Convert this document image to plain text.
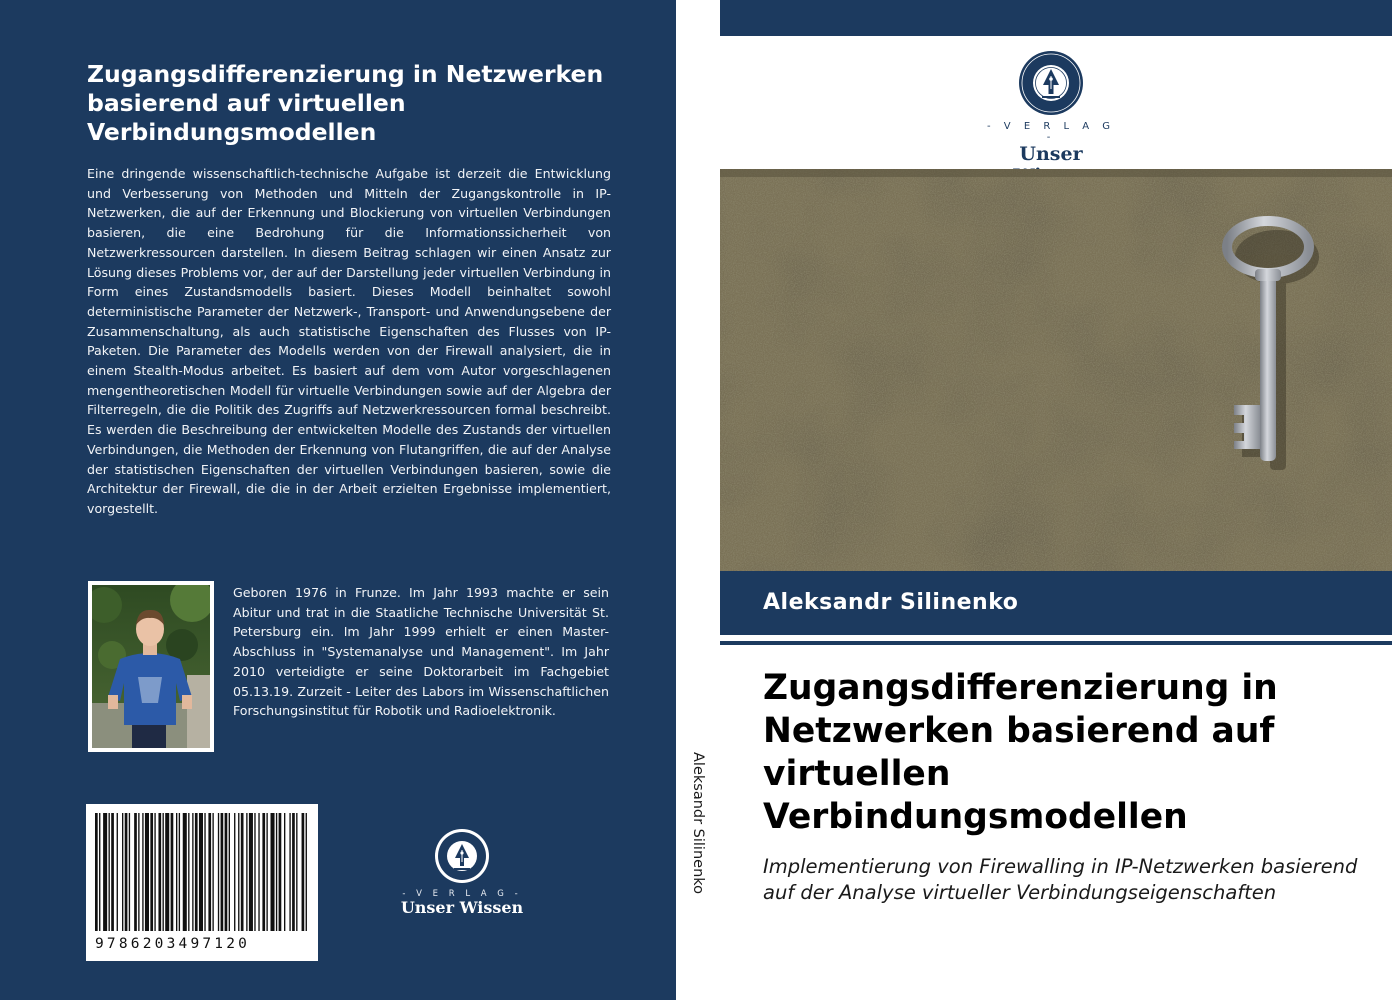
Zugangsdifferenzierung in Netzwerken basierend auf virtuellen Verbindungsmodellen
Eine dringende wissenschaftlich-technische Aufgabe ist derzeit die Entwicklung und Verbesserung von Methoden und Mitteln der Zugangskontrolle in IP-Netzwerken, die auf der Erkennung und Blockierung von virtuellen Verbindungen basieren, die eine Bedrohung für die Informationssicherheit von Netzwerkressourcen darstellen. In diesem Beitrag schlagen wir einen Ansatz zur Lösung dieses Problems vor, der auf der Darstellung jeder virtuellen Verbindung in Form eines Zustandsmodells basiert. Dieses Modell beinhaltet sowohl deterministische Parameter der Netzwerk-, Transport- und Anwendungsebene der Zusammenschaltung, als auch statistische Eigenschaften des Flusses von IP-Paketen. Die Parameter des Modells werden von der Firewall analysiert, die in einem Stealth-Modus arbeitet. Es basiert auf dem vom Autor vorgeschlagenen mengentheoretischen Modell für virtuelle Verbindungen sowie auf der Algebra der Filterregeln, die die Politik des Zugriffs auf Netzwerkressourcen formal beschreibt. Es werden die Beschreibung der entwickelten Modelle des Zustands der virtuellen Verbindungen, die Methoden der Erkennung von Flutangriffen, die auf der Analyse der statistischen Eigenschaften der virtuellen Verbindungen basieren, sowie die Architektur der Firewall, die die in der Arbeit erzielten Ergebnisse implementiert, vorgestellt.
Geboren 1976 in Frunze. Im Jahr 1993 machte er sein Abitur und trat in die Staatliche Technische Universität St. Petersburg ein. Im Jahr 1999 erhielt er einen Master-Abschluss in "Systemanalyse und Management". Im Jahr 2010 verteidigte er seine Doktorarbeit im Fachgebiet 05.13.19. Zurzeit - Leiter des Labors im Wissenschaftlichen Forschungsinstitut für Robotik und Radioelektronik.
9786203497120
- V E R L A G -
Unser Wissen
Aleksandr Silinenko
- V E R L A G -
Unser
Aleksandr Silinenko
Zugangsdifferenzierung in Netzwerken basierend auf virtuellen Verbindungsmodellen
Implementierung von Firewalling in IP-Netzwerken basierend auf der Analyse virtueller Verbindungseigenschaften
